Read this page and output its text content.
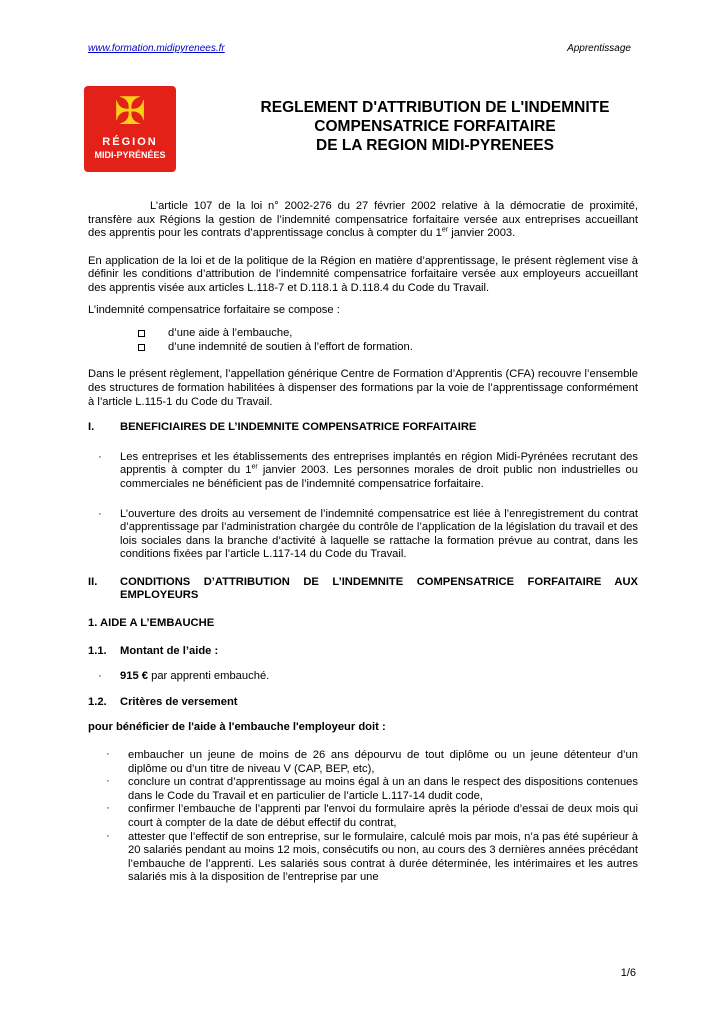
www.formation.midipyrenees.fr	Apprentissage
✠
RÉGION
MIDI-PYRÉNÉES
REGLEMENT D'ATTRIBUTION DE L'INDEMNITE
COMPENSATRICE FORFAITAIRE
DE LA REGION MIDI-PYRENEES

L’article 107 de la loi n° 2002-276 du 27 février 2002 relative à la démocratie de proximité, transfère aux Régions la gestion de l’indemnité compensatrice forfaitaire versée aux entreprises accueillant des apprentis pour les contrats d’apprentissage conclus à compter du 1er janvier 2003.

En application de la loi et de la politique de la Région en matière d’apprentissage, le présent règlement vise à définir les conditions d’attribution de l’indemnité compensatrice forfaitaire versée aux employeurs accueillant des apprentis visée aux articles L.118-7 et D.118.1 à D.118.4 du Code du Travail.

L’indemnité compensatrice forfaitaire se compose :

d’une aide à l’embauche,
d’une indemnité de soutien à l’effort de formation.

Dans le présent règlement, l’appellation générique Centre de Formation d’Apprentis (CFA) recouvre l’ensemble des structures de formation habilitées à dispenser des formations par la voie de l’apprentissage conformément à l’article L.115-1 du Code du Travail.

I. BENEFICIAIRES DE L’INDEMNITE COMPENSATRICE FORFAITAIRE
· Les entreprises et les établissements des entreprises implantés en région Midi-Pyrénées recrutant des apprentis à compter du 1er janvier 2003. Les personnes morales de droit public non industrielles ou commerciales ne bénéficient pas de l’indemnité compensatrice forfaitaire.
· L’ouverture des droits au versement de l’indemnité compensatrice est liée à l’enregistrement du contrat d’apprentissage par l’administration chargée du contrôle de l’application de la législation du travail et des lois sociales dans la branche d’activité à laquelle se rattache la formation prévue au contrat, dans les conditions fixées par l’article L.117-14 du Code du Travail.
II. CONDITIONS D’ATTRIBUTION DE L’INDEMNITE COMPENSATRICE FORFAITAIRE AUX EMPLOYEURS
1. AIDE A L’EMBAUCHE
1.1. Montant de l’aide :
· 915 € par apprenti embauché.
1.2. Critères de versement
pour bénéficier de l'aide à l'embauche l'employeur doit :
· embaucher un jeune de moins de 26 ans dépourvu de tout diplôme ou un jeune détenteur d’un diplôme ou d’un titre de niveau V (CAP, BEP, etc),
· conclure un contrat d’apprentissage au moins égal à un an dans le respect des dispositions contenues dans le Code du Travail et en particulier de l’article L.117-14 dudit code,
· confirmer l’embauche de l’apprenti par l'envoi du formulaire après la période d’essai de deux mois qui court à compter de la date de début effectif du contrat,
· attester que l’effectif de son entreprise, sur le formulaire, calculé mois par mois, n’a pas été supérieur à 20 salariés pendant au moins 12 mois, consécutifs ou non, au cours des 3 dernières années précédant l’embauche de l’apprenti. Les salariés sous contrat à durée déterminée, les intérimaires et les autres salariés mis à la disposition de l’entreprise par une
1/6
